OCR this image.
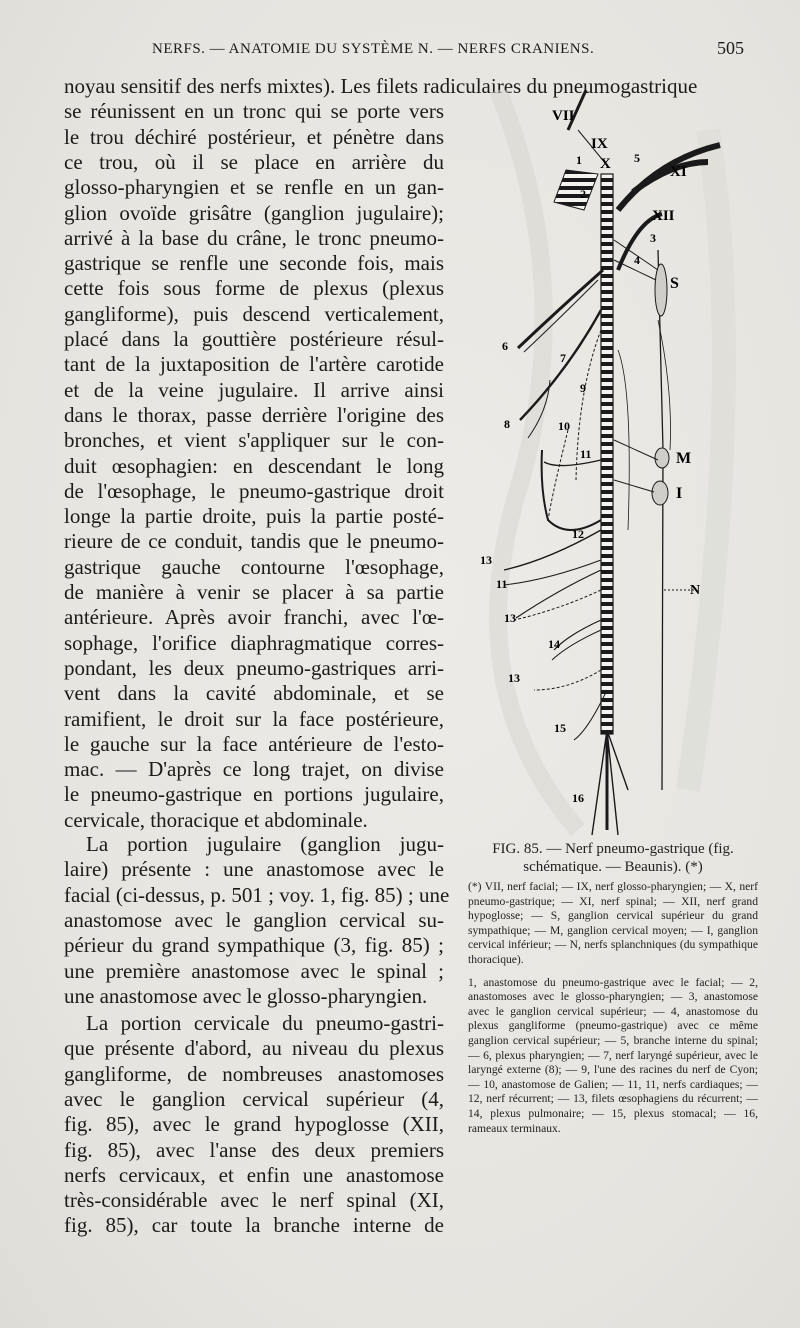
NERFS. — ANATOMIE DU SYSTÈME N. — NERFS CRANIENS.	505
noyau sensitif des nerfs mixtes). Les filets radiculaires du pneumogastrique
se réunissent en un tronc qui se porte vers
le trou déchiré postérieur, et pénètre dans
ce trou, où il se place en arrière du
glosso-pharyngien et se renfle en un gan-
glion ovoïde grisâtre (ganglion jugulaire);
arrivé à la base du crâne, le tronc pneumo-
gastrique se renfle une seconde fois, mais
cette fois sous forme de plexus (plexus
gangliforme), puis descend verticalement,
placé dans la gouttière postérieure résul-
tant de la juxtaposition de l'artère carotide
et de la veine jugulaire. Il arrive ainsi
dans le thorax, passe derrière l'origine des
bronches, et vient s'appliquer sur le con-
duit œsophagien: en descendant le long
de l'œsophage, le pneumo-gastrique droit
longe la partie droite, puis la partie posté-
rieure de ce conduit, tandis que le pneumo-
gastrique gauche contourne l'œsophage,
de manière à venir se placer à sa partie
antérieure. Après avoir franchi, avec l'œ-
sophage, l'orifice diaphragmatique corres-
pondant, les deux pneumo-gastriques arri-
vent dans la cavité abdominale, et se
ramifient, le droit sur la face postérieure,
le gauche sur la face antérieure de l'esto-
mac. — D'après ce long trajet, on divise
le pneumo-gastrique en portions jugulaire,
cervicale, thoracique et abdominale.
La portion jugulaire (ganglion jugu-
laire) présente : une anastomose avec le
facial (ci-dessus, p. 501 ; voy. 1, fig. 85) ; une
anastomose avec le ganglion cervical su-
périeur du grand sympathique (3, fig. 85) ;
une première anastomose avec le spinal ;
une anastomose avec le glosso-pharyngien.
La portion cervicale du pneumo-gastri-
que présente d'abord, au niveau du plexus
gangliforme, de nombreuses anastomoses
avec le ganglion cervical supérieur (4,
fig. 85), avec le grand hypoglosse (XII,
fig. 85), avec l'anse des deux premiers
nerfs cervicaux, et enfin une anastomose
très-considérable avec le nerf spinal (XI,
fig. 85), car toute la branche interne de
VII
IX
X	XI
XII
S
M
I
N
1
2
3
4
5
6
7
8
9
10
11
11
12
13
13
13
14
15
16

FIG. 85. — Nerf pneumo-gastrique (fig. schématique. — Beaunis). (*)

(*) VII, nerf facial; — IX, nerf glosso-pharyngien; — X, nerf pneumo-gastrique; — XI, nerf spinal; — XII, nerf grand hypoglosse; — S, ganglion cervical supérieur du grand sympathique; — M, ganglion cervical moyen; — I, ganglion cervical inférieur; — N, nerfs splanchniques (du sympathique thoracique).

1, anastomose du pneumo-gastrique avec le facial; — 2, anastomoses avec le glosso-pharyngien; — 3, anastomose avec le ganglion cervical supérieur; — 4, anastomose du plexus gangliforme (pneumo-gastrique) avec ce même ganglion cervical supérieur; — 5, branche interne du spinal; — 6, plexus pharyngien; — 7, nerf laryngé supérieur, avec le laryngé externe (8); — 9, l'une des racines du nerf de Cyon; — 10, anastomose de Galien; — 11, 11, nerfs cardiaques; — 12, nerf récurrent; — 13, filets œsophagiens du récurrent; — 14, plexus pulmonaire; — 15, plexus stomacal; — 16, rameaux terminaux.
